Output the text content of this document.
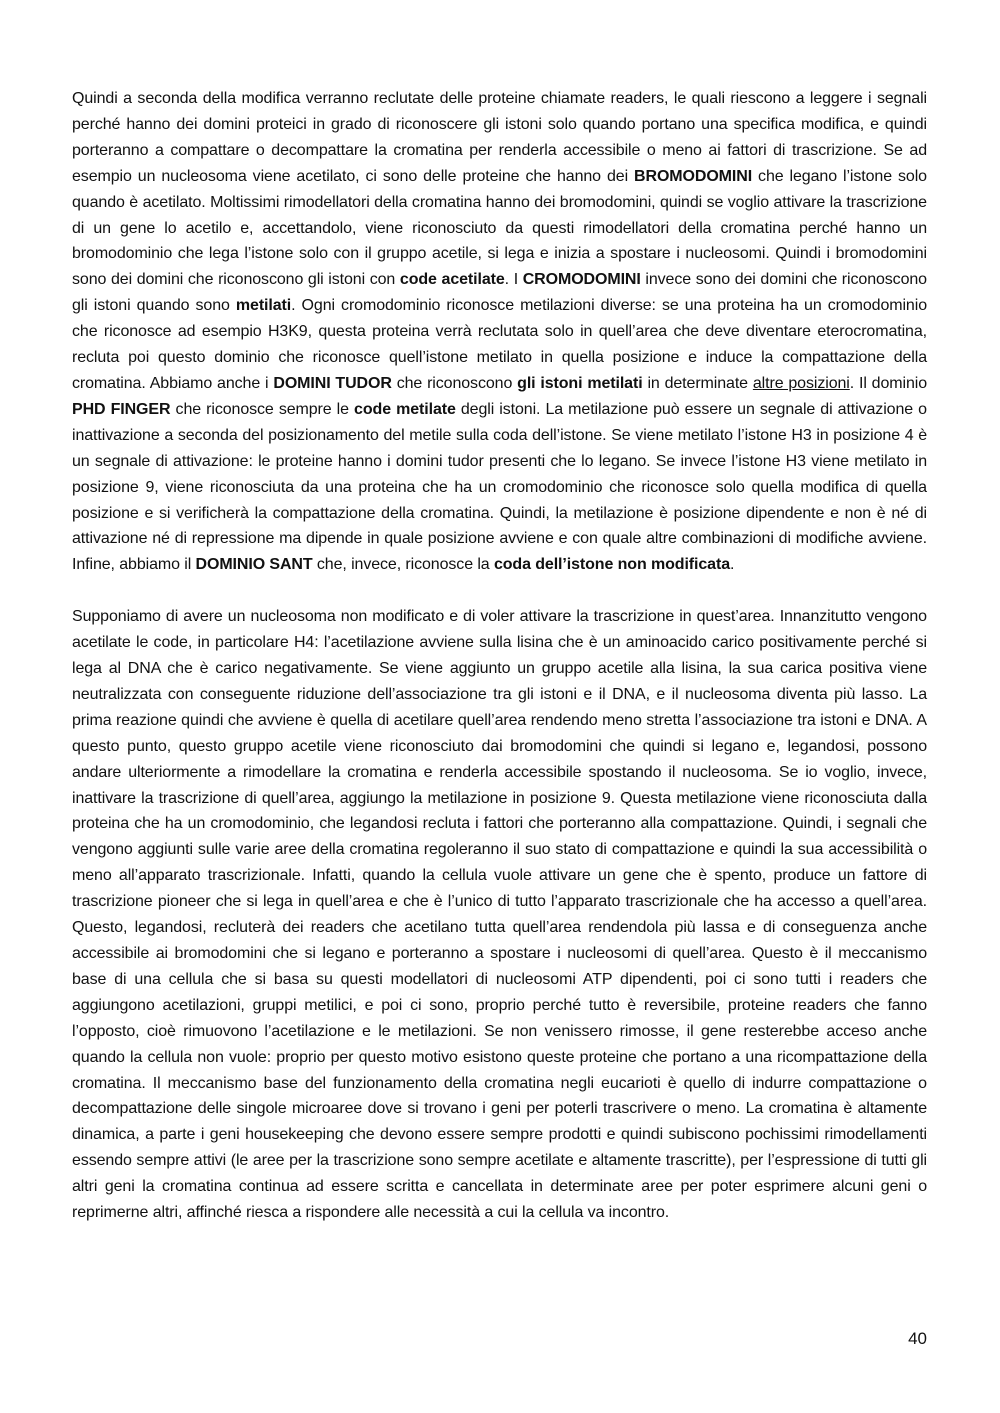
Quindi a seconda della modifica verranno reclutate delle proteine chiamate readers, le quali riescono a leggere i segnali perché hanno dei domini proteici in grado di riconoscere gli istoni solo quando portano una specifica modifica, e quindi porteranno a compattare o decompattare la cromatina per renderla accessibile o meno ai fattori di trascrizione. Se ad esempio un nucleosoma viene acetilato, ci sono delle proteine che hanno dei BROMODOMINI che legano l’istone solo quando è acetilato. Moltissimi rimodellatori della cromatina hanno dei bromodomini, quindi se voglio attivare la trascrizione di un gene lo acetilo e, accettandolo, viene riconosciuto da questi rimodellatori della cromatina perché hanno un bromodominio che lega l’istone solo con il gruppo acetile, si lega e inizia a spostare i nucleosomi. Quindi i bromodomini sono dei domini che riconoscono gli istoni con code acetilate. I CROMODOMINI invece sono dei domini che riconoscono gli istoni quando sono metilati. Ogni cromodominio riconosce metilazioni diverse: se una proteina ha un cromodominio che riconosce ad esempio H3K9, questa proteina verrà reclutata solo in quell’area che deve diventare eterocromatina, recluta poi questo dominio che riconosce quell’istone metilato in quella posizione e induce la compattazione della cromatina. Abbiamo anche i DOMINI TUDOR che riconoscono gli istoni metilati in determinate altre posizioni. Il dominio PHD FINGER che riconosce sempre le code metilate degli istoni. La metilazione può essere un segnale di attivazione o inattivazione a seconda del posizionamento del metile sulla coda dell’istone. Se viene metilato l’istone H3 in posizione 4 è un segnale di attivazione: le proteine hanno i domini tudor presenti che lo legano. Se invece l’istone H3 viene metilato in posizione 9, viene riconosciuta da una proteina che ha un cromodominio che riconosce solo quella modifica di quella posizione e si verificherà la compattazione della cromatina. Quindi, la metilazione è posizione dipendente e non è né di attivazione né di repressione ma dipende in quale posizione avviene e con quale altre combinazioni di modifiche avviene. Infine, abbiamo il DOMINIO SANT che, invece, riconosce la coda dell’istone non modificata.

Supponiamo di avere un nucleosoma non modificato e di voler attivare la trascrizione in quest’area. Innanzitutto vengono acetilate le code, in particolare H4: l’acetilazione avviene sulla lisina che è un aminoacido carico positivamente perché si lega al DNA che è carico negativamente. Se viene aggiunto un gruppo acetile alla lisina, la sua carica positiva viene neutralizzata con conseguente riduzione dell’associazione tra gli istoni e il DNA, e il nucleosoma diventa più lasso. La prima reazione quindi che avviene è quella di acetilare quell’area rendendo meno stretta l’associazione tra istoni e DNA. A questo punto, questo gruppo acetile viene riconosciuto dai bromodomini che quindi si legano e, legandosi, possono andare ulteriormente a rimodellare la cromatina e renderla accessibile spostando il nucleosoma. Se io voglio, invece, inattivare la trascrizione di quell’area, aggiungo la metilazione in posizione 9. Questa metilazione viene riconosciuta dalla proteina che ha un cromodominio, che legandosi recluta i fattori che porteranno alla compattazione. Quindi, i segnali che vengono aggiunti sulle varie aree della cromatina regoleranno il suo stato di compattazione e quindi la sua accessibilità o meno all’apparato trascrizionale. Infatti, quando la cellula vuole attivare un gene che è spento, produce un fattore di trascrizione pioneer che si lega in quell’area e che è l’unico di tutto l’apparato trascrizionale che ha accesso a quell’area. Questo, legandosi, recluterà dei readers che acetilano tutta quell’area rendendola più lassa e di conseguenza anche accessibile ai bromodomini che si legano e porteranno a spostare i nucleosomi di quell’area. Questo è il meccanismo base di una cellula che si basa su questi modellatori di nucleosomi ATP dipendenti, poi ci sono tutti i readers che aggiungono acetilazioni, gruppi metilici, e poi ci sono, proprio perché tutto è reversibile, proteine readers che fanno l’opposto, cioè rimuovono l’acetilazione e le metilazioni. Se non venissero rimosse, il gene resterebbe acceso anche quando la cellula non vuole: proprio per questo motivo esistono queste proteine che portano a una ricompattazione della cromatina. Il meccanismo base del funzionamento della cromatina negli eucarioti è quello di indurre compattazione o decompattazione delle singole microaree dove si trovano i geni per poterli trascrivere o meno. La cromatina è altamente dinamica, a parte i geni housekeeping che devono essere sempre prodotti e quindi subiscono pochissimi rimodellamenti essendo sempre attivi (le aree per la trascrizione sono sempre acetilate e altamente trascritte), per l’espressione di tutti gli altri geni la cromatina continua ad essere scritta e cancellata in determinate aree per poter esprimere alcuni geni o reprimerne altri, affinché riesca a rispondere alle necessità a cui la cellula va incontro.

40
